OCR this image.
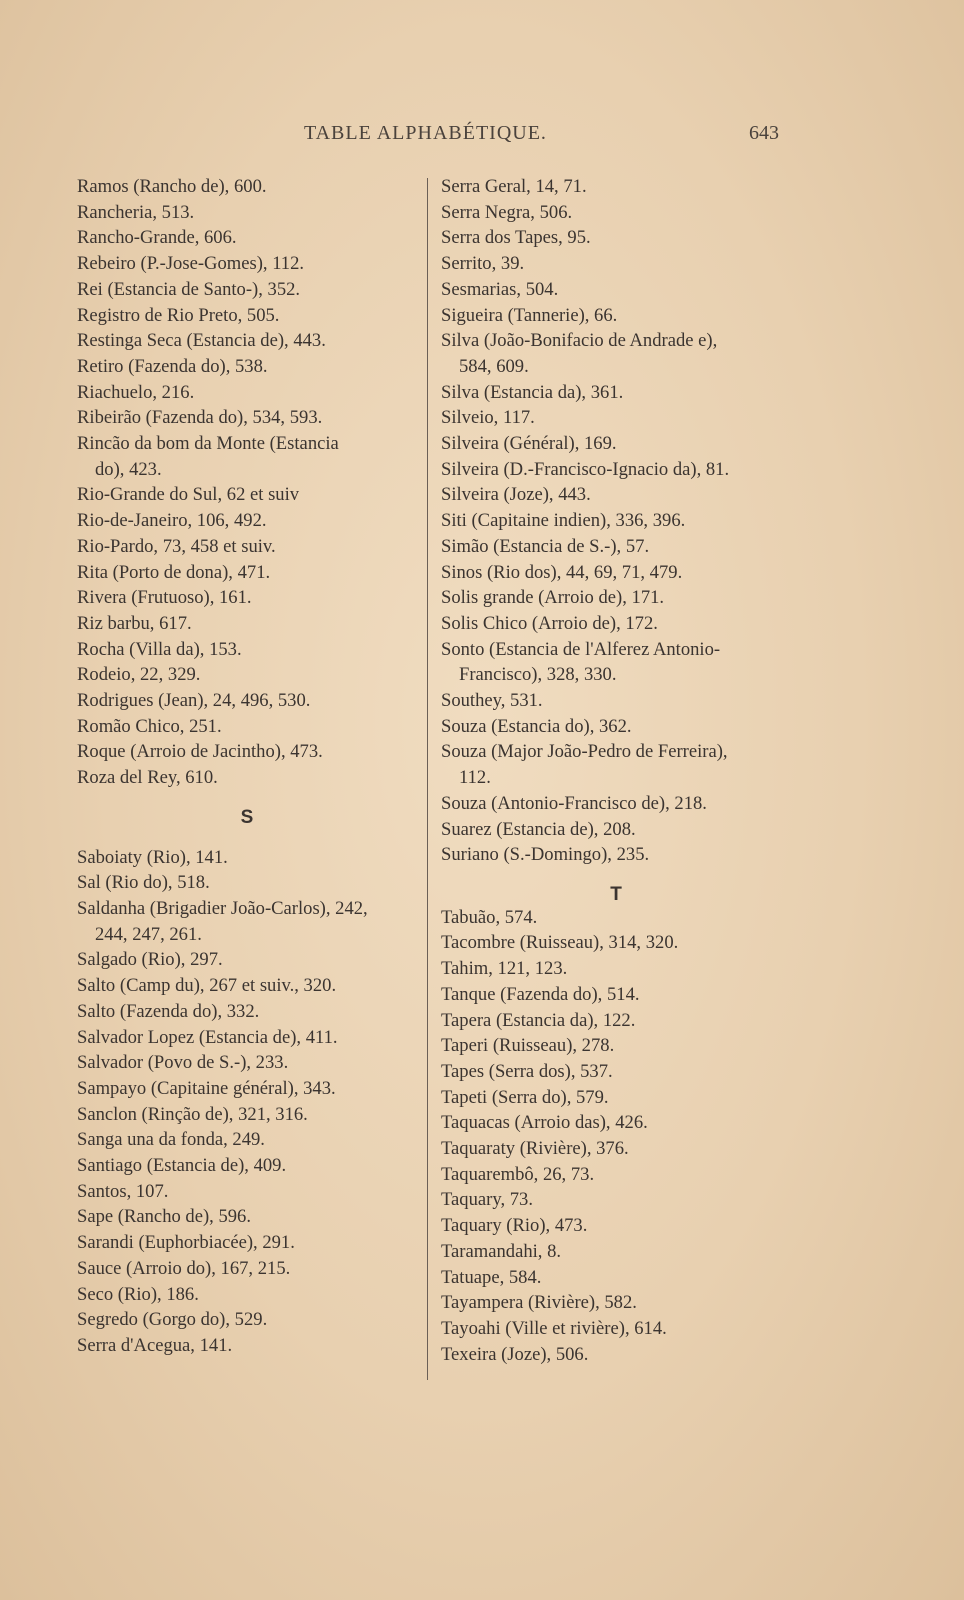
TABLE ALPHABÉTIQUE.	643
Ramos (Rancho de), 600.
Rancheria, 513.
Rancho-Grande, 606.
Rebeiro (P.-Jose-Gomes), 112.
Rei (Estancia de Santo-), 352.
Registro de Rio Preto, 505.
Restinga Seca (Estancia de), 443.
Retiro (Fazenda do), 538.
Riachuelo, 216.
Ribeirão (Fazenda do), 534, 593.
Rincão da bom da Monte (Estancia
do), 423.
Rio-Grande do Sul, 62 et suiv
Rio-de-Janeiro, 106, 492.
Rio-Pardo, 73, 458 et suiv.
Rita (Porto de dona), 471.
Rivera (Frutuoso), 161.
Riz barbu, 617.
Rocha (Villa da), 153.
Rodeio, 22, 329.
Rodrigues (Jean), 24, 496, 530.
Romão Chico, 251.
Roque (Arroio de Jacintho), 473.
Roza del Rey, 610.
S
Saboiaty (Rio), 141.
Sal (Rio do), 518.
Saldanha (Brigadier João-Carlos), 242,
244, 247, 261.
Salgado (Rio), 297.
Salto (Camp du), 267 et suiv., 320.
Salto (Fazenda do), 332.
Salvador Lopez (Estancia de), 411.
Salvador (Povo de S.-), 233.
Sampayo (Capitaine général), 343.
Sanclon (Rinção de), 321, 316.
Sanga una da fonda, 249.
Santiago (Estancia de), 409.
Santos, 107.
Sape (Rancho de), 596.
Sarandi (Euphorbiacée), 291.
Sauce (Arroio do), 167, 215.
Seco (Rio), 186.
Segredo (Gorgo do), 529.
Serra d'Acegua, 141.
Serra Geral, 14, 71.
Serra Negra, 506.
Serra dos Tapes, 95.
Serrito, 39.
Sesmarias, 504.
Sigueira (Tannerie), 66.
Silva (João-Bonifacio de Andrade e),
584, 609.
Silva (Estancia da), 361.
Silveio, 117.
Silveira (Général), 169.
Silveira (D.-Francisco-Ignacio da), 81.
Silveira (Joze), 443.
Siti (Capitaine indien), 336, 396.
Simão (Estancia de S.-), 57.
Sinos (Rio dos), 44, 69, 71, 479.
Solis grande (Arroio de), 171.
Solis Chico (Arroio de), 172.
Sonto (Estancia de l'Alferez Antonio-
Francisco), 328, 330.
Southey, 531.
Souza (Estancia do), 362.
Souza (Major João-Pedro de Ferreira),
112.
Souza (Antonio-Francisco de), 218.
Suarez (Estancia de), 208.
Suriano (S.-Domingo), 235.
T
Tabuão, 574.
Tacombre (Ruisseau), 314, 320.
Tahim, 121, 123.
Tanque (Fazenda do), 514.
Tapera (Estancia da), 122.
Taperi (Ruisseau), 278.
Tapes (Serra dos), 537.
Tapeti (Serra do), 579.
Taquacas (Arroio das), 426.
Taquaraty (Rivière), 376.
Taquarembô, 26, 73.
Taquary, 73.
Taquary (Rio), 473.
Taramandahi, 8.
Tatuape, 584.
Tayampera (Rivière), 582.
Tayoahi (Ville et rivière), 614.
Texeira (Joze), 506.
